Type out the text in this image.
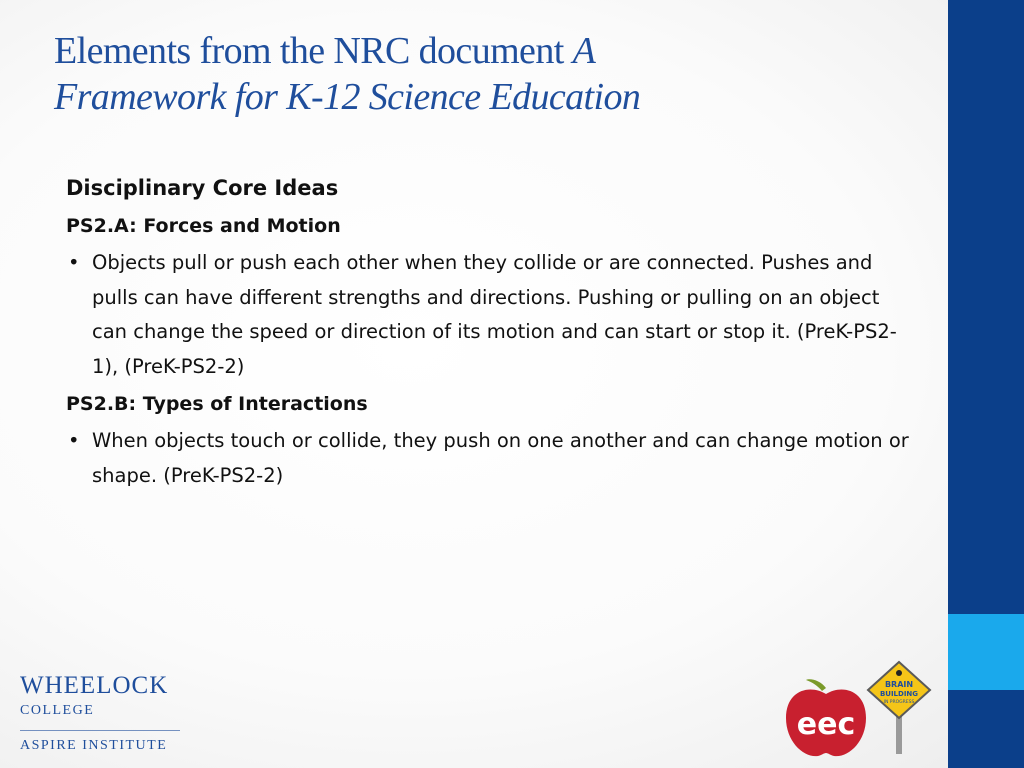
Elements from the NRC document A
Framework for K-12 Science Education
Disciplinary Core Ideas
PS2.A: Forces and Motion
• Objects pull or push each other when they collide or are connected. Pushes and pulls can have different strengths and directions. Pushing or pulling on an object can change the speed or direction of its motion and can start or stop it. (PreK-PS2-1), (PreK-PS2-2)
PS2.B: Types of Interactions
• When objects touch or collide, they push on one another and can change motion or shape. (PreK-PS2-2)
WHEELOCK
COLLEGE
ASPIRE INSTITUTE
eec
BRAIN
BUILDING
IN PROGRESS
